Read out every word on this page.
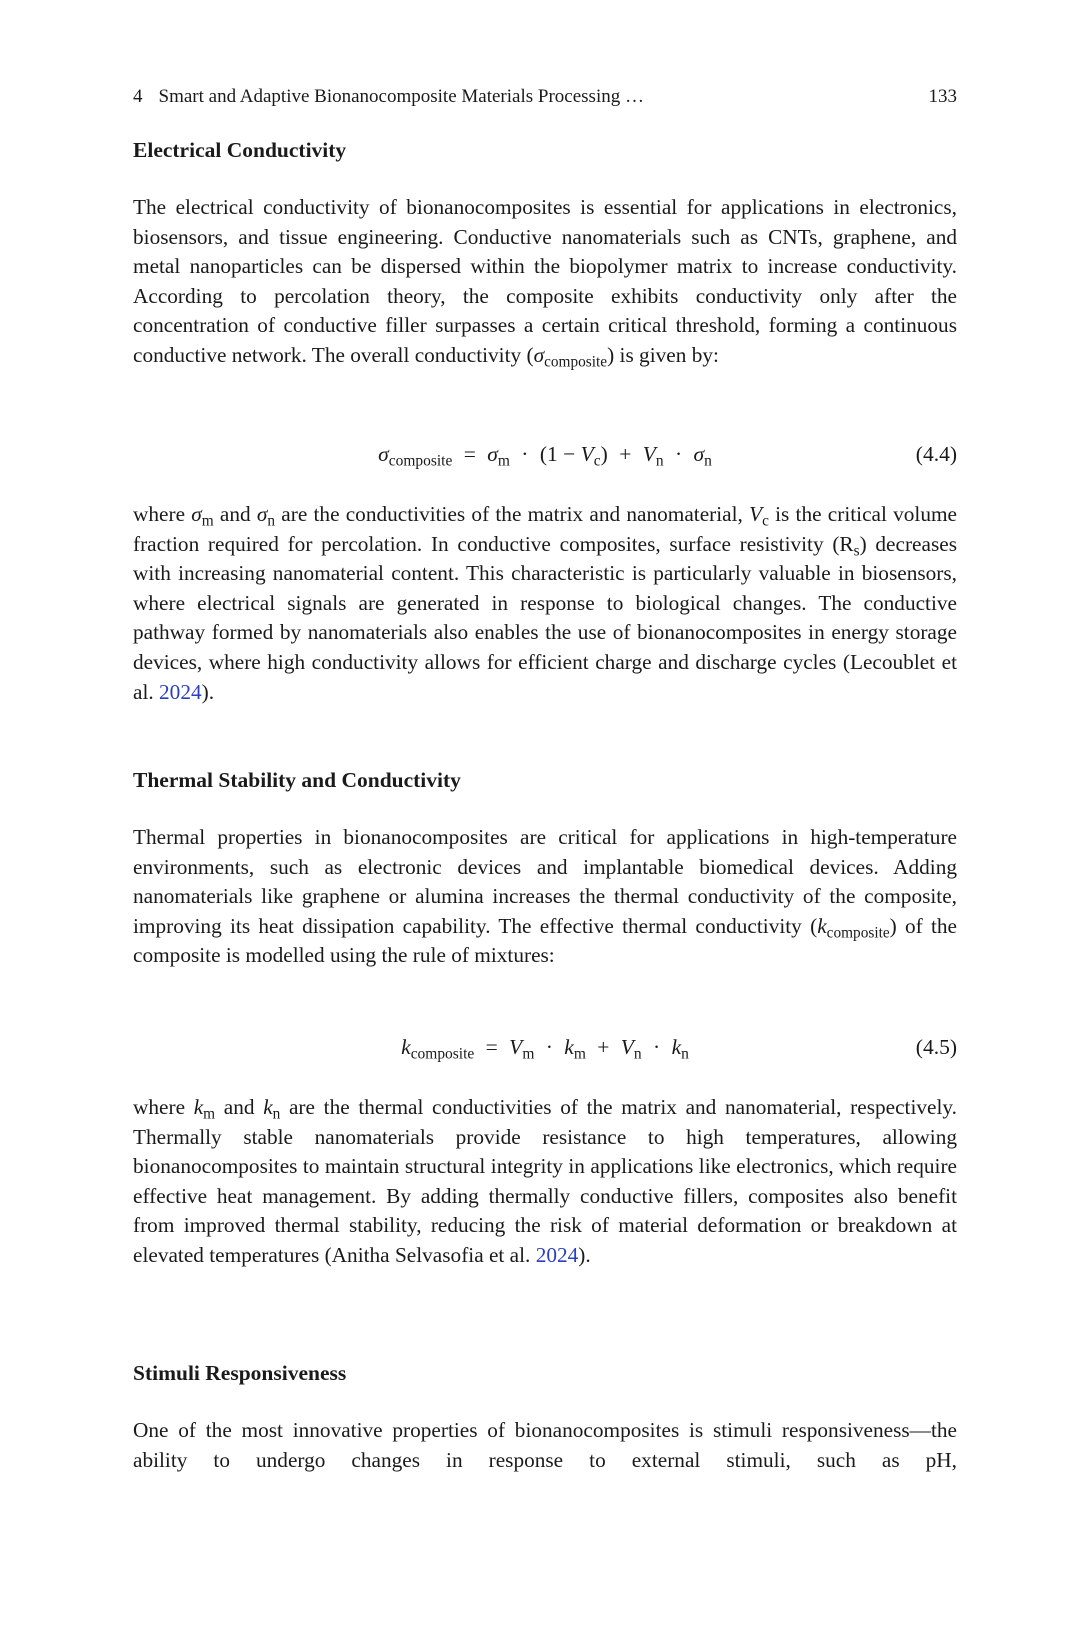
4 Smart and Adaptive Bionanocomposite Materials Processing …	133
Electrical Conductivity

The electrical conductivity of bionanocomposites is essential for applications in electronics, biosensors, and tissue engineering. Conductive nanomaterials such as CNTs, graphene, and metal nanoparticles can be dispersed within the biopolymer matrix to increase conductivity. According to percolation theory, the composite exhibits conductivity only after the concentration of conductive filler surpasses a certain critical threshold, forming a continuous conductive network. The overall conductivity $(\sigma_{composite})$ is given by:

$\sigma_{composite} = \sigma_m \cdot (1 - V_c) + V_n \cdot \sigma_n$	(4.4)

where $\sigma_m$ and $\sigma_n$ are the conductivities of the matrix and nanomaterial, $V_c$ is the critical volume fraction required for percolation. In conductive composites, surface resistivity $(R_s)$ decreases with increasing nanomaterial content. This characteristic is particularly valuable in biosensors, where electrical signals are generated in response to biological changes. The conductive pathway formed by nanomaterials also enables the use of bionanocomposites in energy storage devices, where high conductivity allows for efficient charge and discharge cycles (Lecoublet et al. 2024).

Thermal Stability and Conductivity

Thermal properties in bionanocomposites are critical for applications in high-temperature environments, such as electronic devices and implantable biomedical devices. Adding nanomaterials like graphene or alumina increases the thermal conductivity of the composite, improving its heat dissipation capability. The effective thermal conductivity $(k_{composite})$ of the composite is modelled using the rule of mixtures:

$k_{composite} = V_m \cdot k_m + V_n \cdot k_n$	(4.5)

where $k_m$ and $k_n$ are the thermal conductivities of the matrix and nanomaterial, respectively. Thermally stable nanomaterials provide resistance to high temperatures, allowing bionanocomposites to maintain structural integrity in applications like electronics, which require effective heat management. By adding thermally conductive fillers, composites also benefit from improved thermal stability, reducing the risk of material deformation or breakdown at elevated temperatures (Anitha Selvasofia et al. 2024).

Stimuli Responsiveness

One of the most innovative properties of bionanocomposites is stimuli responsiveness—the ability to undergo changes in response to external stimuli, such as pH,
